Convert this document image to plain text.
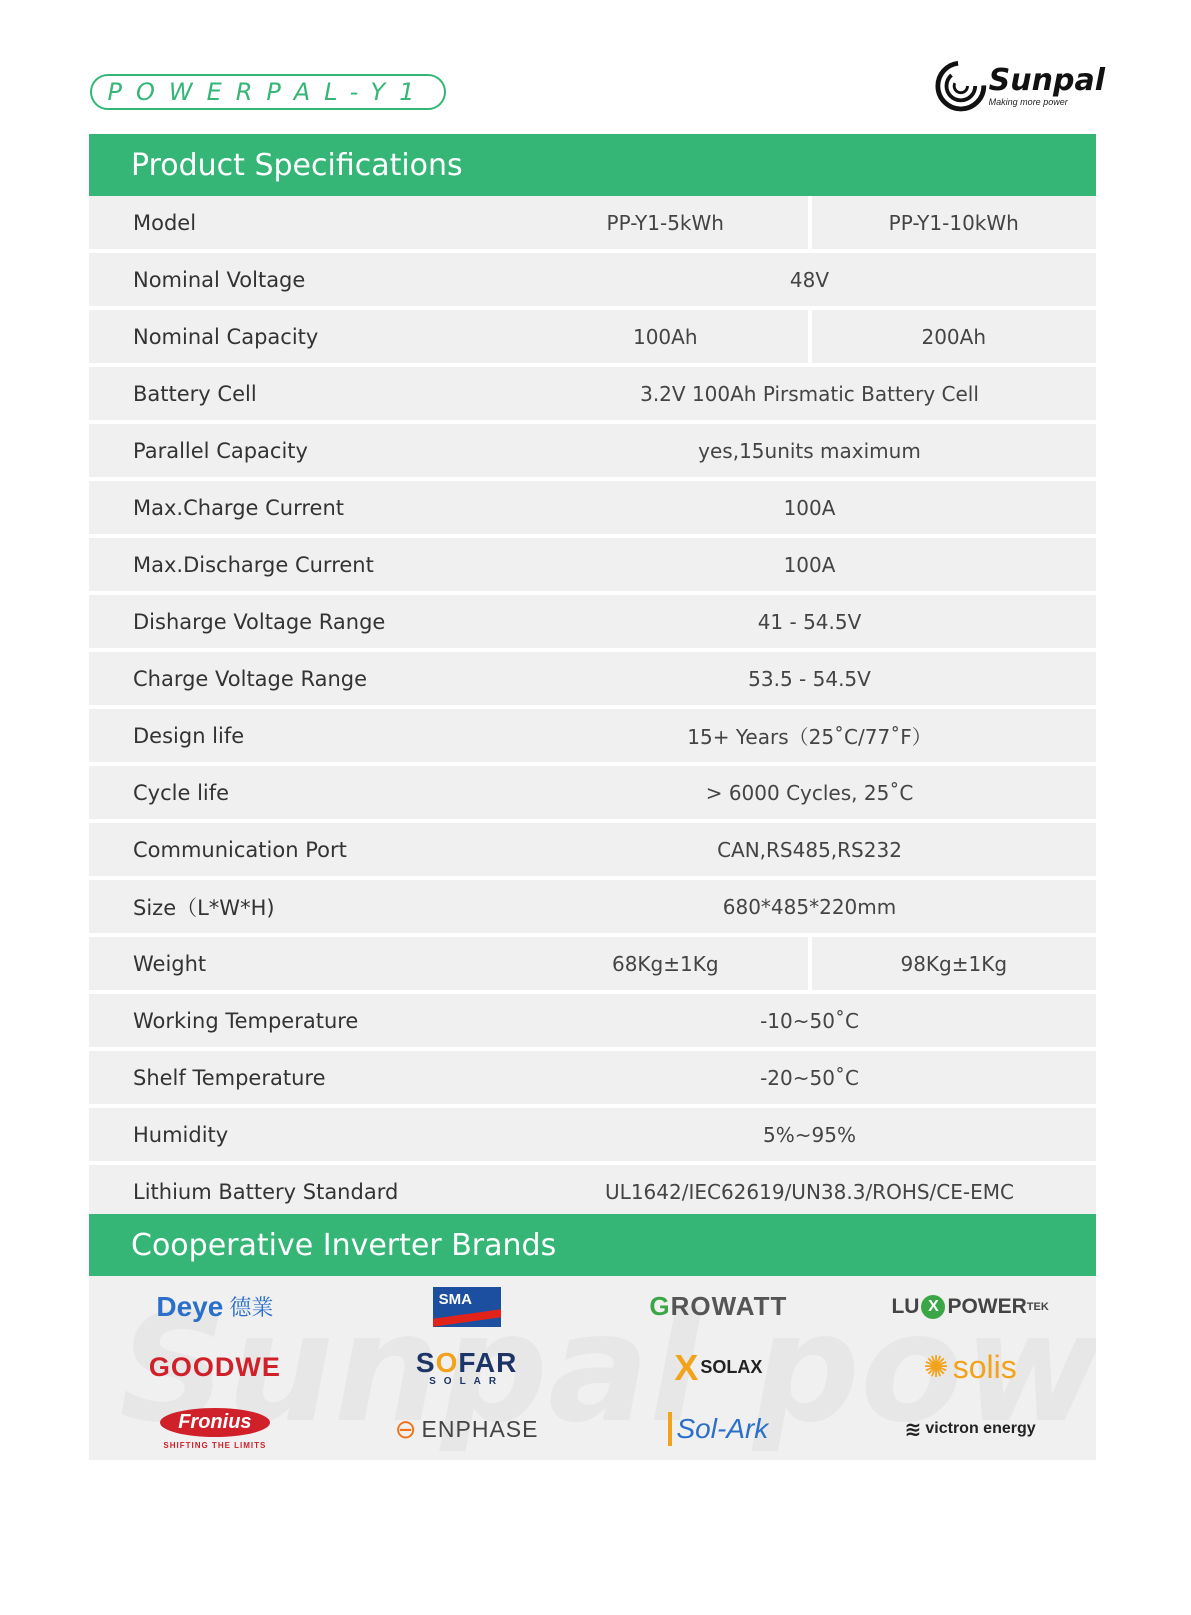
POWERPAL-Y1	Sunpal
Making more power
Product Specifications
Model	PP-Y1-5kWh	PP-Y1-10kWh
Nominal Voltage	48V
Nominal Capacity	100Ah	200Ah
Battery Cell	3.2V 100Ah Pirsmatic Battery Cell
Parallel Capacity	yes,15units maximum
Max.Charge Current	100A
Max.Discharge Current	100A
Disharge Voltage Range	41 - 54.5V
Charge Voltage Range	53.5 - 54.5V
Design life	15+ Years（25˚C/77˚F）
Cycle life	> 6000 Cycles, 25˚C
Communication Port	CAN,RS485,RS232
Size（L*W*H)	680*485*220mm
Weight	68Kg±1Kg	98Kg±1Kg
Working Temperature	-10~50˚C
Shelf Temperature	-20~50˚C
Humidity	5%~95%
Lithium Battery Standard	UL1642/IEC62619/UN38.3/ROHS/CE-EMC
Cooperative Inverter Brands
Deye 德業	SMA	G ROWATT	LU X POWER TEK
GOODWE	SOFAR
SOLAR	X SOLAX	✺ solis
Fronius
SHIFTING THE LIMITS
⊖ ENPHASE	Sol-Ark	≋ victron energy
